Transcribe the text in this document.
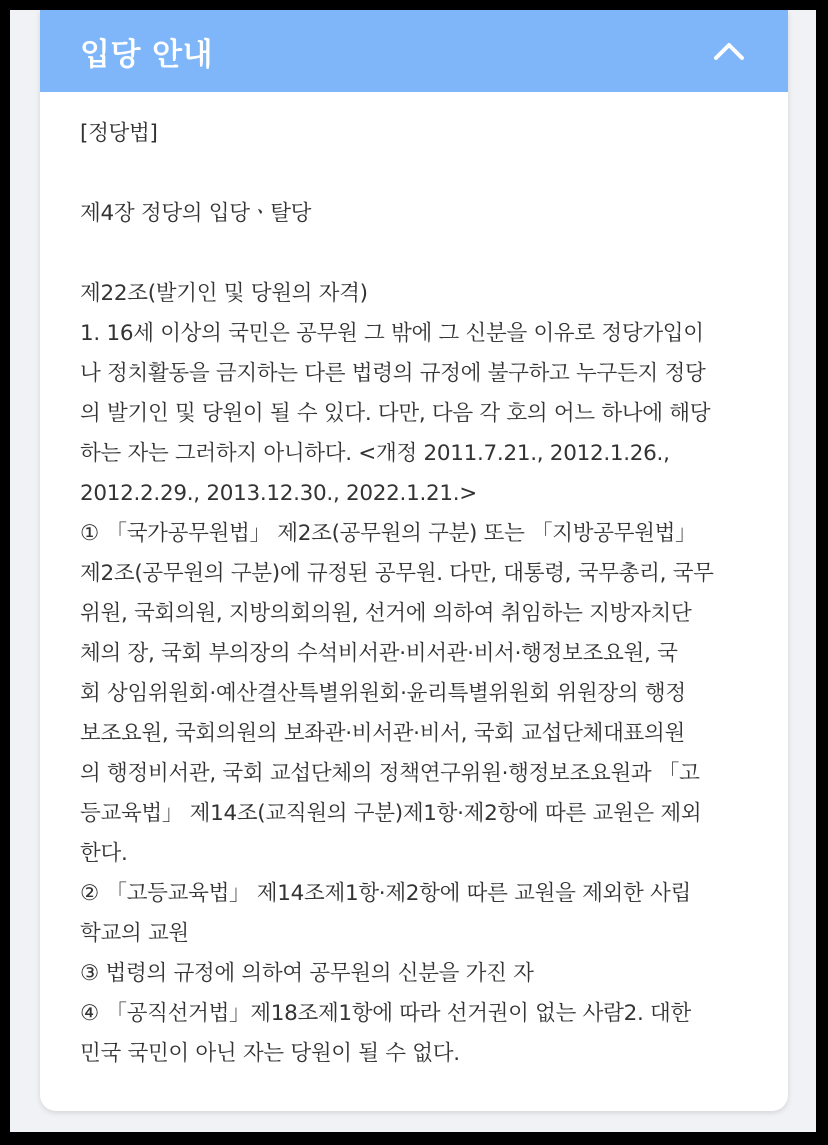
입당 안내
[정당법]
제4장 정당의 입당ㆍ탈당
제22조(발기인 및 당원의 자격)
1. 16세 이상의 국민은 공무원 그 밖에 그 신분을 이유로 정당가입이
나 정치활동을 금지하는 다른 법령의 규정에 불구하고 누구든지 정당
의 발기인 및 당원이 될 수 있다. 다만, 다음 각 호의 어느 하나에 해당
하는 자는 그러하지 아니하다. <개정 2011.7.21., 2012.1.26.,
2012.2.29., 2013.12.30., 2022.1.21.>
① 「국가공무원법」 제2조(공무원의 구분) 또는 「지방공무원법」
제2조(공무원의 구분)에 규정된 공무원. 다만, 대통령, 국무총리, 국무
위원, 국회의원, 지방의회의원, 선거에 의하여 취임하는 지방자치단
체의 장, 국회 부의장의 수석비서관·비서관·비서·행정보조요원, 국
회 상임위원회·예산결산특별위원회·윤리특별위원회 위원장의 행정
보조요원, 국회의원의 보좌관·비서관·비서, 국회 교섭단체대표의원
의 행정비서관, 국회 교섭단체의 정책연구위원·행정보조요원과 「고
등교육법」 제14조(교직원의 구분)제1항·제2항에 따른 교원은 제외
한다.
② 「고등교육법」 제14조제1항·제2항에 따른 교원을 제외한 사립
학교의 교원
③ 법령의 규정에 의하여 공무원의 신분을 가진 자
④ 「공직선거법」제18조제1항에 따라 선거권이 없는 사람2. 대한
민국 국민이 아닌 자는 당원이 될 수 없다.
